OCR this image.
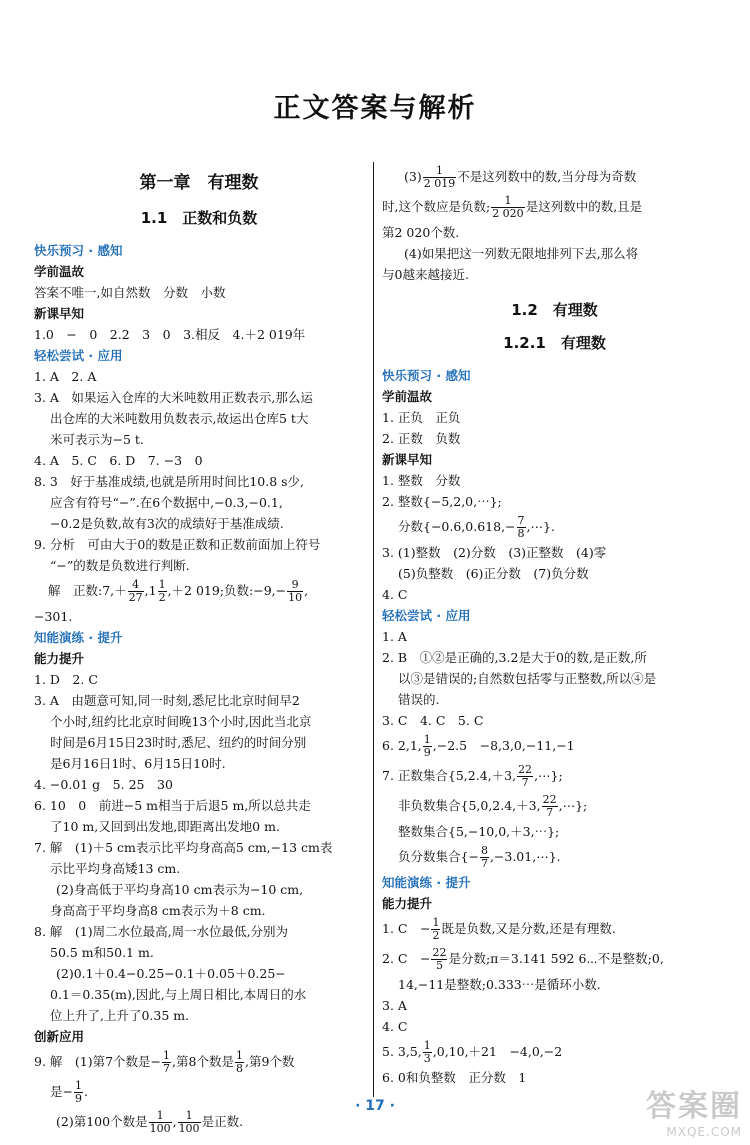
正文答案与解析
第一章　有理数
1.1　正数和负数
快乐预习 · 感知
学前温故
答案不唯一,如自然数　分数　小数
新课早知
1.0　−　0　2.2　3　0　3.相反　4.＋2 019年
轻松尝试 · 应用
1. A　2. A
3. A　如果运入仓库的大米吨数用正数表示,那么运
出仓库的大米吨数用负数表示,故运出仓库5 t大
米可表示为−5 t.
4. A　5. C　6. D　7. −3　0
8. 3　好于基准成绩,也就是所用时间比10.8 s少,
应含有符号“−”.在6个数据中,−0.3,−0.1,
−0.2是负数,故有3次的成绩好于基准成绩.
9. 分析　可由大于0的数是正数和正数前面加上符号
“−”的数是负数进行判断.
解　正数:7,＋ $\frac{4}{27} ,1 \frac{1}{2} ,+2$ 019;负数:−9,− $\frac{9}{10}$ ,
−301.
知能演练 · 提升
能力提升
1. D　2. C
3. A　由题意可知,同一时刻,悉尼比北京时间早2
个小时,纽约比北京时间晚13个小时,因此当北京
时间是6月15日23时时,悉尼、纽约的时间分别
是6月16日1时、6月15日10时.
4. −0.01 g　5. 25　30
6. 10　0　前进−5 m相当于后退5 m,所以总共走
了10 m,又回到出发地,即距离出发地0 m.
7. 解　(1)＋5 cm表示比平均身高高5 cm,−13 cm表
示比平均身高矮13 cm.
(2)身高低于平均身高10 cm表示为−10 cm,
身高高于平均身高8 cm表示为＋8 cm.
8. 解　(1)周二水位最高,周一水位最低,分别为
50.5 m和50.1 m.
(2)0.1＋0.4−0.25−0.1＋0.05＋0.25−
0.1＝0.35(m),因此,与上周日相比,本周日的水
位上升了,上升了0.35 m.
创新应用
9. 解　(1)第7个数是− $\frac{1}{7}$ ,第8个数是 $\frac{1}{8}$ ,第9个数
是− $\frac{1}{9}$ .
(2)第100个数是 $\frac{1}{100}$ , $\frac{1}{100}$ 是正数.
$(3) \frac{1}{2 019}$ 不是这列数中的数,当分母为奇数
时,这个数应是负数; $\frac{1}{2 020}$ 是这列数中的数,且是
第2 020个数.
(4)如果把这一列数无限地排列下去,那么将
与0越来越接近.
1.2　有理数
1.2.1　有理数
快乐预习 · 感知
学前温故
1. 正负　正负
2. 正数　负数
新课早知
1. 整数　分数
2. 整数{−5,2,0,⋯};
分数{$-0.6,0.618,- \frac{7}{8}$ ,⋯}.
3. (1)整数　(2)分数　(3)正整数　(4)零
(5)负整数　(6)正分数　(7)负分数
4. C
轻松尝试 · 应用
1. A
2. B　①②是正确的,3.2是大于0的数,是正数,所
以③是错误的;自然数包括零与正整数,所以④是
错误的.
3. C　4. C　5. C
6. 2,1, $\frac{1}{9} ,-2.5$　−8,3,0,−11,−1
7. 正数集合{5,2.4,＋3, $\frac{22}{7}$ ,⋯};
非负数集合{5,0,2.4,＋3, $\frac{22}{7}$ ,⋯};
整数集合{5,−10,0,＋3,⋯};
负分数集合{− $\frac{8}{7}$ ,−3.01,⋯}.
知能演练 · 提升
能力提升
1. C　− $\frac{1}{2}$ 既是负数,又是分数,还是有理数.
2. C　− $\frac{22}{5}$ 是分数;π＝3.141 592 6⋯不是整数;0,
14,−11是整数;0.333⋯是循环小数.
3. A
4. C
5. 3,5, $\frac{1}{3} ,0,10,+21$　−4,0,−2
6. 0和负整数　正分数　1
· 17 ·	答案圈
MXQE.COM
